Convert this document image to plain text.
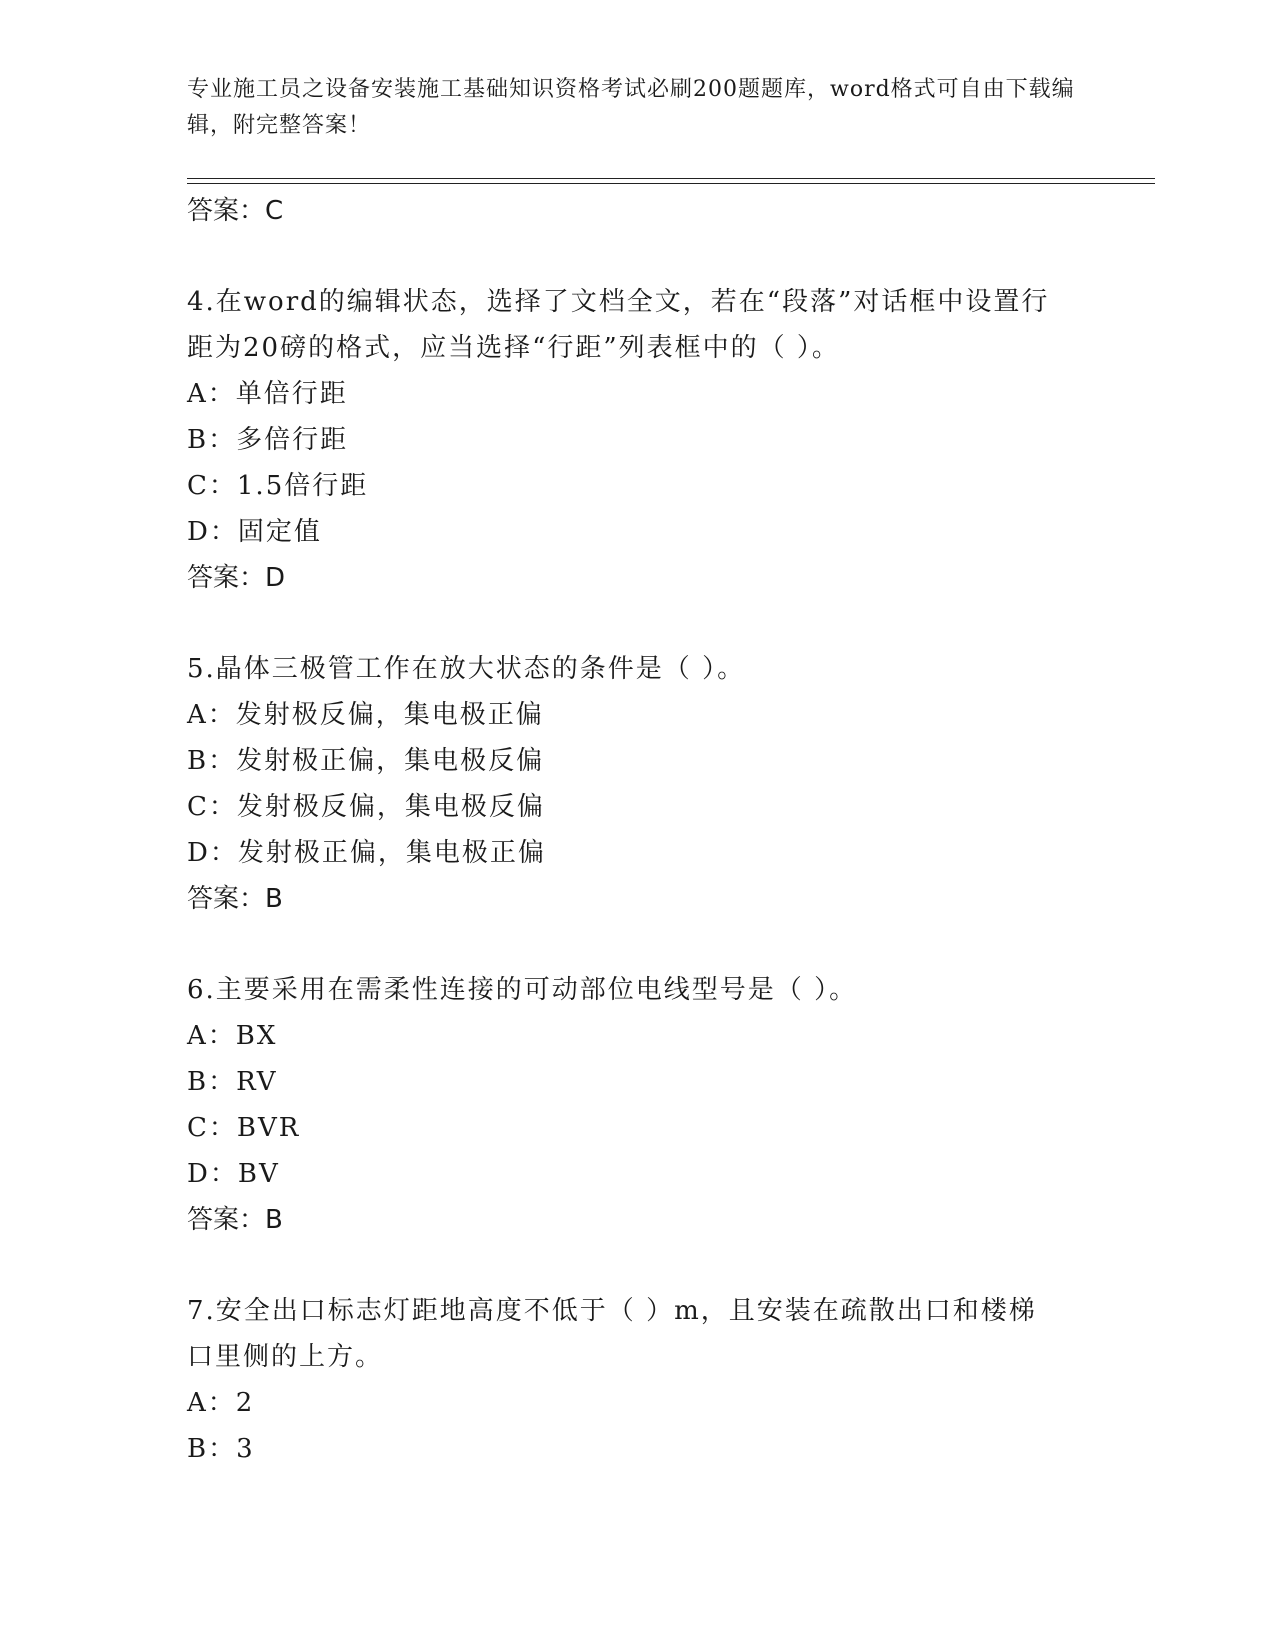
专业施工员之设备安装施工基础知识资格考试必刷200题题库，word格式可自由下载编辑，附完整答案！
答案：C
4.在word的编辑状态，选择了文档全文，若在“段落”对话框中设置行距为20磅的格式，应当选择“行距”列表框中的（ ）。
A：单倍行距
B：多倍行距
C：1.5倍行距
D：固定值
答案：D
5.晶体三极管工作在放大状态的条件是（ ）。
A：发射极反偏，集电极正偏
B：发射极正偏，集电极反偏
C：发射极反偏，集电极反偏
D：发射极正偏，集电极正偏
答案：B
6.主要采用在需柔性连接的可动部位电线型号是（ ）。
A：BX
B：RV
C：BVR
D：BV
答案：B
7.安全出口标志灯距地高度不低于（ ）m，且安装在疏散出口和楼梯口里侧的上方。
A：2
B：3
